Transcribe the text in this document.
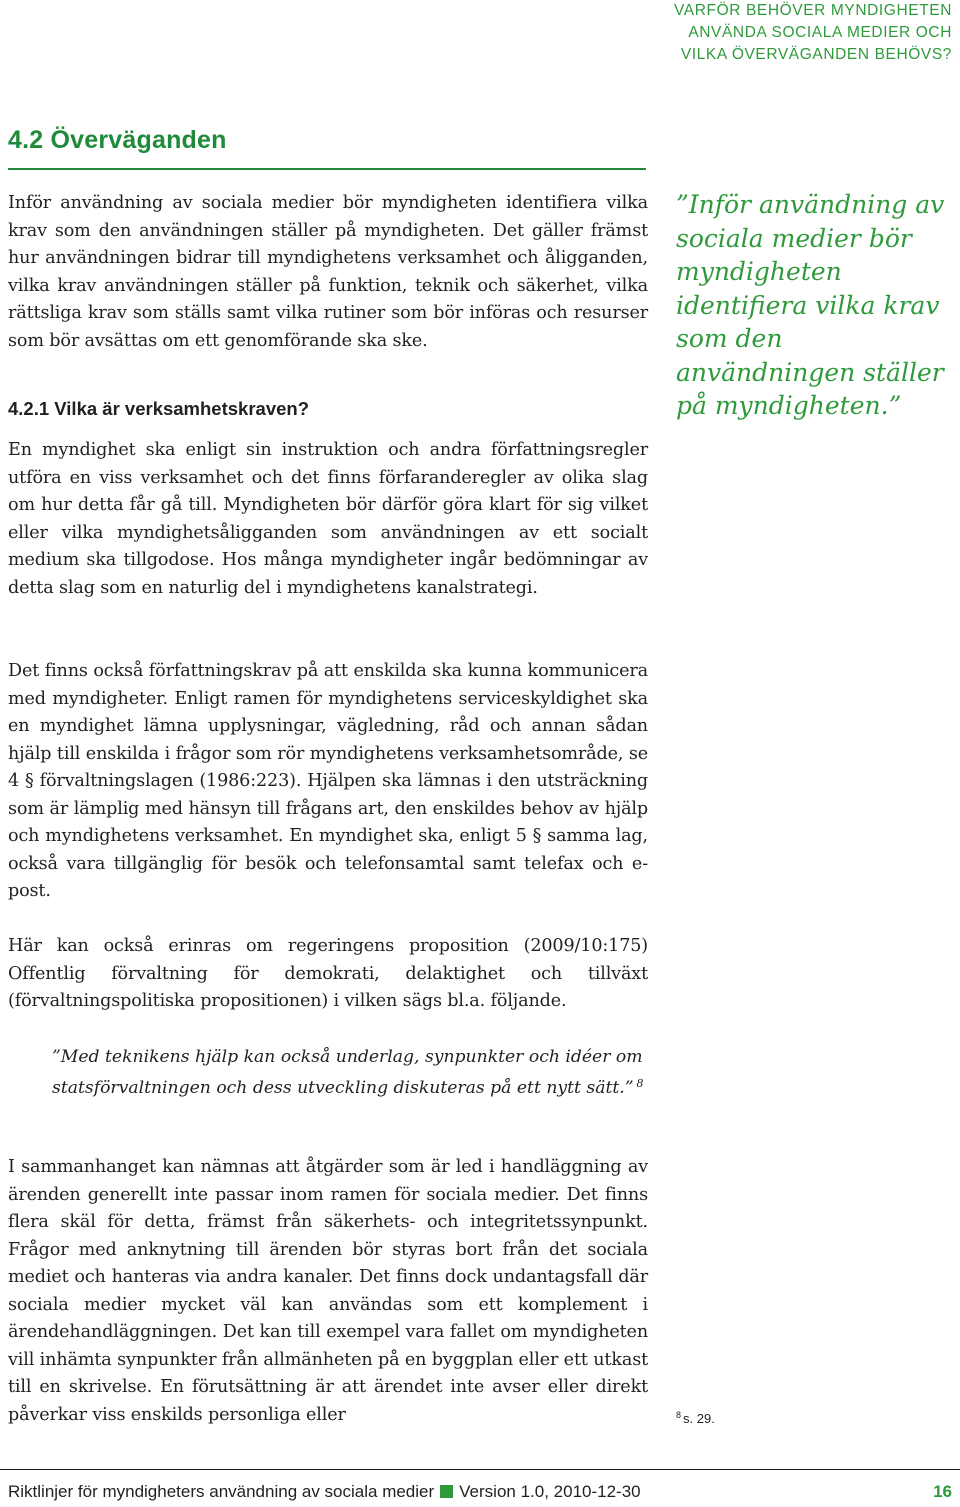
VARFÖR BEHÖVER MYNDIGHETEN
ANVÄNDA SOCIALA MEDIER OCH
VILKA ÖVERVÄGANDEN BEHÖVS?
4.2 Överväganden

Inför användning av sociala medier bör myndigheten identifiera vilka krav som den användningen ställer på myndigheten. Det gäller främst hur användningen bidrar till myndighetens verksamhet och åligganden, vilka krav användningen ställer på funktion, teknik och säkerhet, vilka rättsliga krav som ställs samt vilka rutiner som bör införas och resurser som bör avsättas om ett genomförande ska ske.

”Inför användning av sociala medier bör myndigheten identifiera vilka krav som den användningen ställer på myndigheten.”
4.2.1 Vilka är verksamhetskraven?

En myndighet ska enligt sin instruktion och andra författningsregler utföra en viss verksamhet och det finns förfaranderegler av olika slag om hur detta får gå till. Myndigheten bör därför göra klart för sig vilket eller vilka myndighetsåligganden som användningen av ett socialt medium ska tillgodose. Hos många myndigheter ingår bedömningar av detta slag som en naturlig del i myndighetens kanalstrategi.

Det finns också författningskrav på att enskilda ska kunna kommunicera med myndigheter. Enligt ramen för myndighetens serviceskyldighet ska en myndighet lämna upplysningar, vägledning, råd och annan sådan hjälp till enskilda i frågor som rör myndighetens verksamhetsområde, se 4 § förvaltningslagen (1986:223). Hjälpen ska lämnas i den utsträckning som är lämplig med hänsyn till frågans art, den enskildes behov av hjälp och myndighetens verksamhet. En myndighet ska, enligt 5 § samma lag, också vara tillgänglig för besök och telefonsamtal samt telefax och e-post.

Här kan också erinras om regeringens proposition (2009/10:175) Offentlig förvaltning för demokrati, delaktighet och tillväxt (förvaltningspolitiska propositionen) i vilken sägs bl.a. följande.

”Med teknikens hjälp kan också underlag, synpunkter och idéer om statsförvaltningen och dess utveckling diskuteras på ett nytt sätt.” $^8$

I sammanhanget kan nämnas att åtgärder som är led i handläggning av ärenden generellt inte passar inom ramen för sociala medier. Det finns flera skäl för detta, främst från säkerhets- och integritetssynpunkt. Frågor med anknytning till ärenden bör styras bort från det sociala mediet och hanteras via andra kanaler. Det finns dock undantagsfall där sociala medier mycket väl kan användas som ett komplement i ärendehandläggningen. Det kan till exempel vara fallet om myndigheten vill inhämta synpunkter från allmänheten på en byggplan eller ett utkast till en skrivelse. En förutsättning är att ärendet inte avser eller direkt påverkar viss enskilds personliga eller	$^8$ s. 29.
Riktlinjer för myndigheters användning av sociala medier Version 1.0, 2010-12-30	16
